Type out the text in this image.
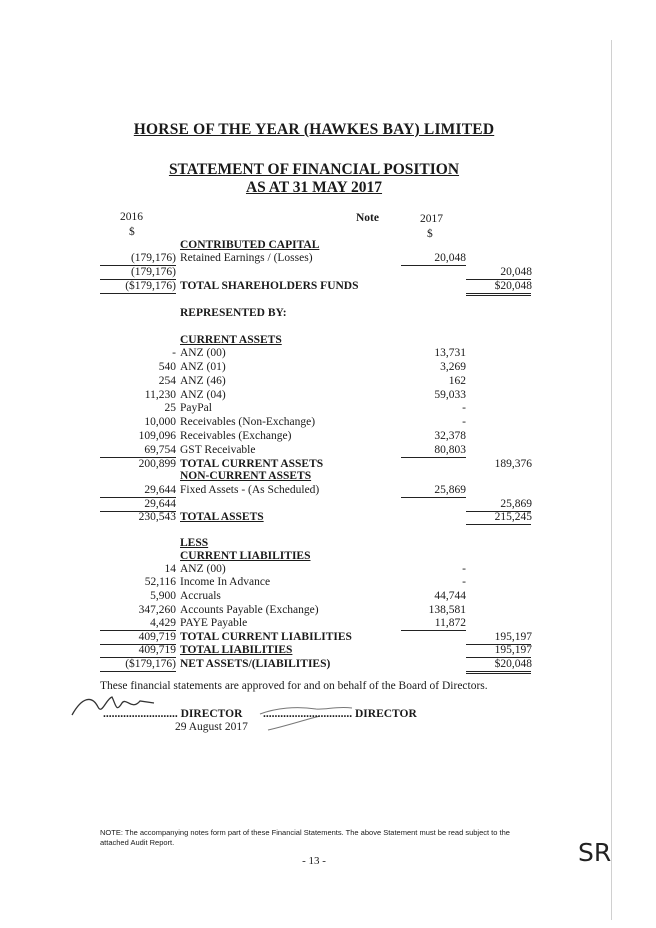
HORSE OF THE YEAR (HAWKES BAY) LIMITED
STATEMENT OF FINANCIAL POSITION
AS AT 31 MAY 2017
2016
$
Note	2017
$
CONTRIBUTED CAPITAL
(179,176) Retained Earnings / (Losses)	20,048
(179,176)	20,048
($179,176) TOTAL SHAREHOLDERS FUNDS	$20,048
REPRESENTED BY:
CURRENT ASSETS
- ANZ (00)	13,731
540 ANZ (01)	3,269
254 ANZ (46)	162
11,230 ANZ (04)	59,033
25 PayPal	-
10,000 Receivables (Non-Exchange)	-
109,096 Receivables (Exchange)	32,378
69,754 GST Receivable	80,803
200,899 TOTAL CURRENT ASSETS	189,376
NON-CURRENT ASSETS
29,644 Fixed Assets - (As Scheduled)	25,869
29,644	25,869
230,543 TOTAL ASSETS	215,245
LESS
CURRENT LIABILITIES
14 ANZ (00)	-
52,116 Income In Advance	-
5,900 Accruals	44,744
347,260 Accounts Payable (Exchange)	138,581
4,429 PAYE Payable	11,872
409,719 TOTAL CURRENT LIABILITIES	195,197
409,719 TOTAL LIABILITIES	195,197
($179,176) NET ASSETS/(LIABILITIES)	$20,048
These financial statements are approved for and on behalf of the Board of Directors.
.......................... DIRECTOR
29 August 2017
............................... DIRECTOR
NOTE: The accompanying notes form part of these Financial Statements. The above Statement must be read subject to the attached Audit Report.
- 13 -	SR
